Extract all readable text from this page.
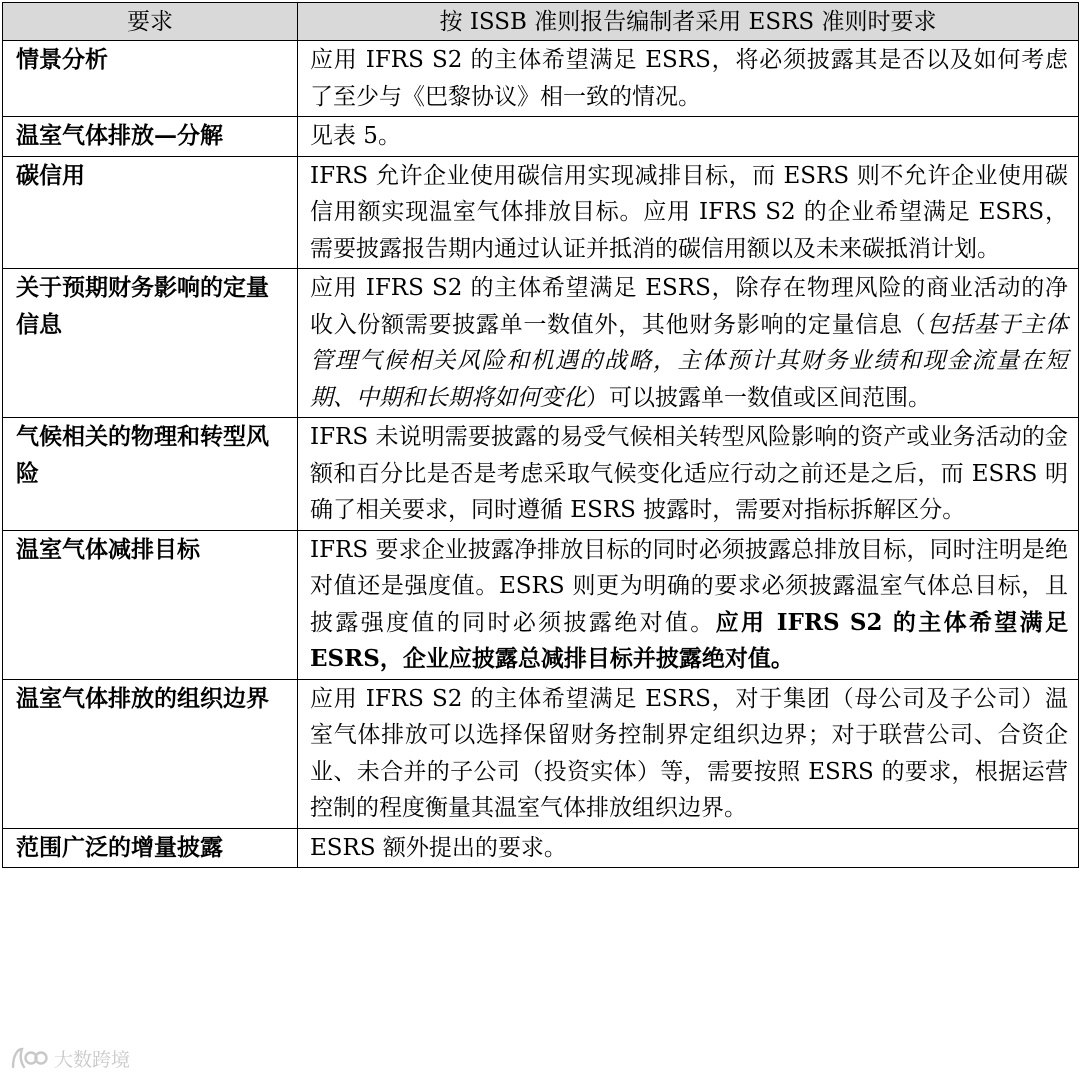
要求	按 ISSB 准则报告编制者采用 ESRS 准则时要求
情景分析	应用 IFRS S2 的主体希望满足 ESRS，将必须披露其是否以及如何考虑了至少与《巴黎协议》相一致的情况。
温室气体排放—分解	见表 5。
碳信用	IFRS 允许企业使用碳信用实现减排目标，而 ESRS 则不允许企业使用碳信用额实现温室气体排放目标。应用 IFRS S2 的企业希望满足 ESRS，需要披露报告期内通过认证并抵消的碳信用额以及未来碳抵消计划。
关于预期财务影响的定量信息	应用 IFRS S2 的主体希望满足 ESRS，除存在物理风险的商业活动的净收入份额需要披露单一数值外，其他财务影响的定量信息（包括基于主体管理气候相关风险和机遇的战略，主体预计其财务业绩和现金流量在短期、中期和长期将如何变化）可以披露单一数值或区间范围。
气候相关的物理和转型风险	IFRS 未说明需要披露的易受气候相关转型风险影响的资产或业务活动的金额和百分比是否是考虑采取气候变化适应行动之前还是之后，而 ESRS 明确了相关要求，同时遵循 ESRS 披露时，需要对指标拆解区分。
温室气体减排目标	IFRS 要求企业披露净排放目标的同时必须披露总排放目标，同时注明是绝对值还是强度值。ESRS 则更为明确的要求必须披露温室气体总目标，且披露强度值的同时必须披露绝对值。应用 IFRS S2 的主体希望满足 ESRS，企业应披露总减排目标并披露绝对值。
温室气体排放的组织边界	应用 IFRS S2 的主体希望满足 ESRS，对于集团（母公司及子公司）温室气体排放可以选择保留财务控制界定组织边界；对于联营公司、合资企业、未合并的子公司（投资实体）等，需要按照 ESRS 的要求，根据运营控制的程度衡量其温室气体排放组织边界。
范围广泛的增量披露	ESRS 额外提出的要求。
大数跨境
